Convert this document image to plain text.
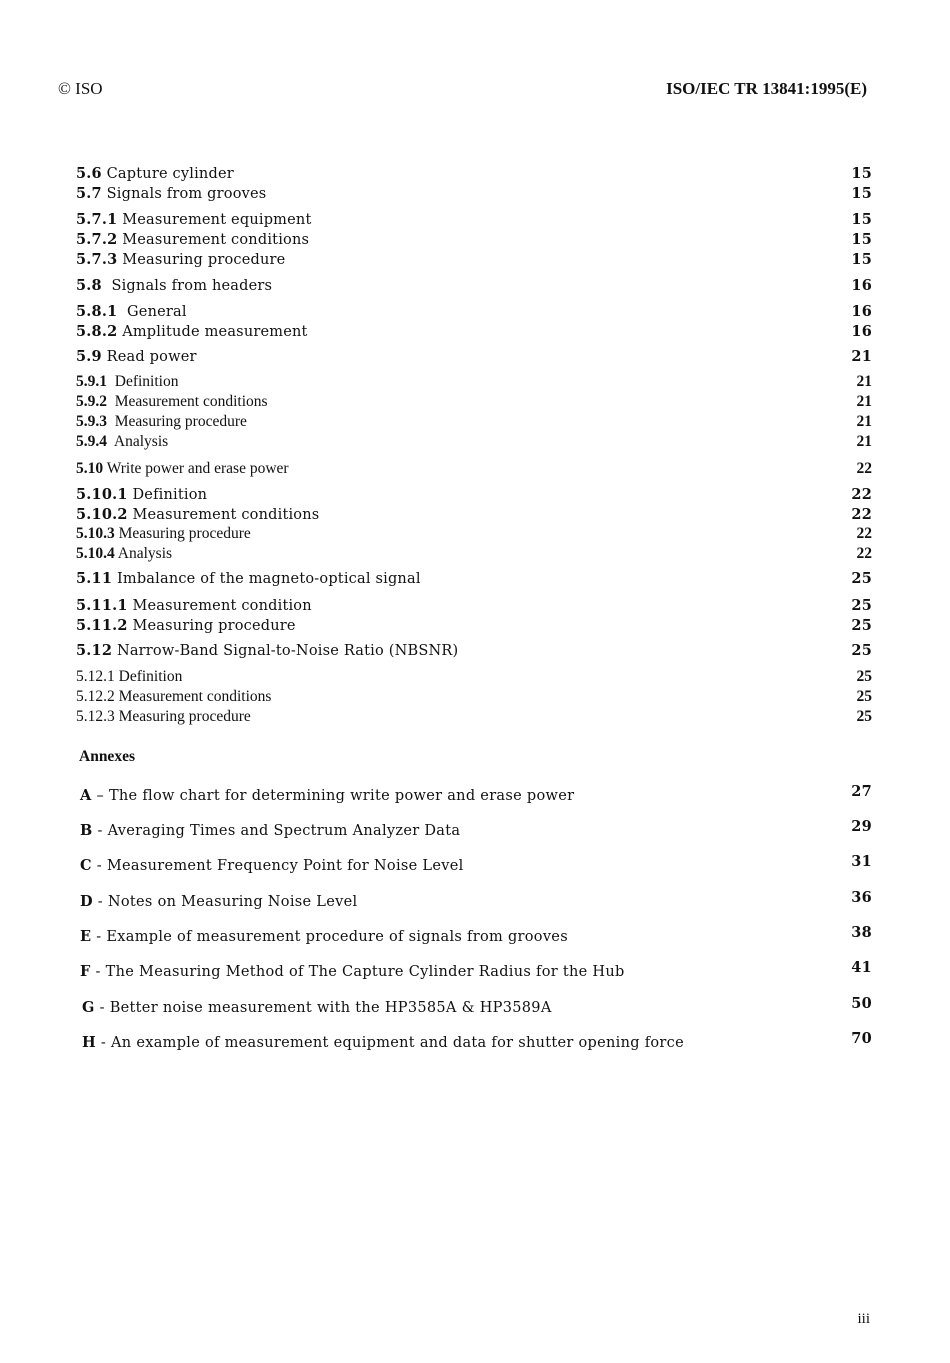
© ISO	ISO/IEC TR 13841:1995(E)
5.6 Capture cylinder	15
5.7 Signals from grooves	15
5.7.1 Measurement equipment	15
5.7.2 Measurement conditions	15
5.7.3 Measuring procedure	15
5.8 Signals from headers	16
5.8.1 General	16
5.8.2 Amplitude measurement	16
5.9 Read power	21
5.9.1 Definition	21
5.9.2 Measurement conditions	21
5.9.3 Measuring procedure	21
5.9.4 Analysis	21
5.10 Write power and erase power	22
5.10.1 Definition	22
5.10.2 Measurement conditions	22
5.10.3 Measuring procedure	22
5.10.4 Analysis	22
5.11 Imbalance of the magneto-optical signal	25
5.11.1 Measurement condition	25
5.11.2 Measuring procedure	25
5.12 Narrow-Band Signal-to-Noise Ratio (NBSNR)	25
5.12.1 Definition	25
5.12.2 Measurement conditions	25
5.12.3 Measuring procedure	25
Annexes
A – The flow chart for determining write power and erase power	27
B - Averaging Times and Spectrum Analyzer Data	29
C - Measurement Frequency Point for Noise Level	31
D - Notes on Measuring Noise Level	36
E - Example of measurement procedure of signals from grooves	38
F - The Measuring Method of The Capture Cylinder Radius for the Hub	41
G - Better noise measurement with the HP3585A & HP3589A	50
H - An example of measurement equipment and data for shutter opening force	70
iii
